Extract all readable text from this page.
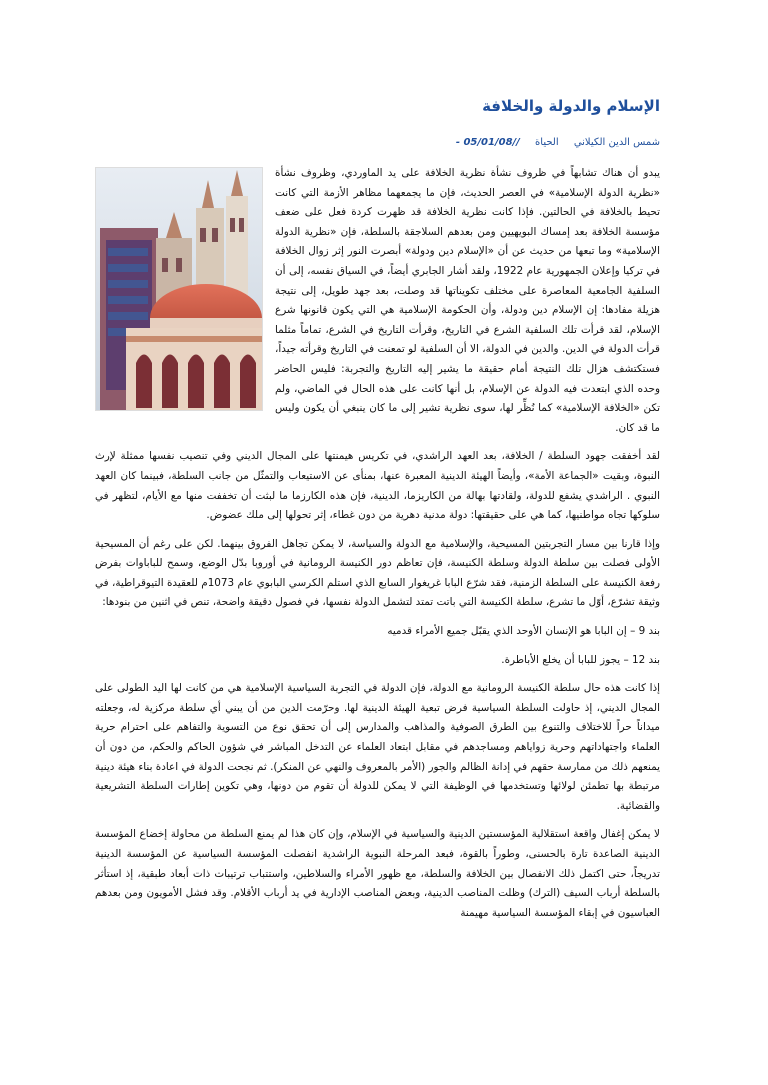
الإسلام والدولة والخلافة
شمس الدين الكيلاني الحياة - 05/01/08//

يبدو أن هناك تشابهاً في ظروف نشأة نظرية الخلافة على يد الماوردي، وظروف نشأة «نظرية الدولة الإسلامية» في العصر الحديث، فإن ما يجمعهما مظاهر الأزمة التي كانت تحيط بالخلافة في الحالتين. فإذا كانت نظرية الخلافة قد ظهرت كردة فعل على ضعف مؤسسة الخلافة بعد إمساك البويهيين ومن بعدهم السلاجقة بالسلطة، فإن «نظرية الدولة الإسلامية» وما تبعها من حديث عن أن «الإسلام دين ودولة» أبصرت النور إثر زوال الخلافة في تركيا وإعلان الجمهورية عام 1922، ولقد أشار الجابري أيضاً، في السياق نفسه، إلى أن السلفية الجامعية المعاصرة على مختلف تكويناتها قد وصلت، بعد جهد طويل، إلى نتيجة هزيلة مفادها: إن الإسلام دين ودولة، وأن الحكومة الإسلامية هي التي يكون قانونها شرع الإسلام، لقد قرأت تلك السلفية الشرع في التاريخ، وقرأت التاريخ في الشرع، تماماً مثلما قرأت الدولة في الدين. والدين في الدولة، الا أن السلفية لو تمعنت في التاريخ وقرأته جيداً، فستكتشف هزال تلك النتيجة أمام حقيقة ما يشير إليه التاريخ والتجربة: فليس الحاضر وحده الذي ابتعدت فيه الدولة عن الإسلام، بل أنها كانت على هذه الحال في الماضي، ولم تكن «الخلافة الإسلامية» كما نُظِّر لها، سوى نظرية تشير إلى ما كان ينبغي أن يكون وليس ما قد كان.

لقد أخفقت جهود السلطة / الخلافة، بعد العهد الراشدي، في تكريس هيمنتها على المجال الديني وفي تنصيب نفسها ممثلة لإرث النبوة، وبقيت «الجماعة الأمة»، وأيضاً الهيئة الدينية المعبرة عنها، بمنأى عن الاستيعاب والتمثّل من جانب السلطة، فبينما كان العهد النبوي . الراشدي يشفع للدولة، ولقادتها بهالة من الكاريزما، الدينية، فإن هذه الكارزما ما لبثت أن تخففت منها مع الأيام، لتظهر في سلوكها تجاه مواطنيها، كما هي على حقيقتها: دولة مدنية دهرية من دون غطاء، إثر تحولها إلى ملك عضوض.

وإذا قارنا بين مسار التجربتين المسيحية، والإسلامية مع الدولة والسياسة، لا يمكن تجاهل الفروق بينهما. لكن على رغم أن المسيحية الأولى فصلت بين سلطة الدولة وسلطة الكنيسة، فإن تعاظم دور الكنيسة الرومانية في أوروبا بدّل الوضع، وسمح للباباوات بفرض رفعة الكنيسة على السلطة الزمنية، فقد شرّع البابا غريغوار السابع الذي استلم الكرسي البابوي عام 1073م للعقيدة التيوقراطية، في وثيقة تشرّع، أوّل ما تشرع، سلطة الكنيسة التي باتت تمتد لتشمل الدولة نفسها، في فصول دقيقة واضحة، تنص في اثنين من بنودها:

بند 9 – إن البابا هو الإنسان الأوحد الذي يقبّل جميع الأمراء قدميه

بند 12 – يجوز للبابا أن يخلع الأباطرة.

إذا كانت هذه حال سلطة الكنيسة الرومانية مع الدولة، فإن الدولة في التجربة السياسية الإسلامية هي من كانت لها اليد الطولى على المجال الديني، إذ حاولت السلطة السياسية فرض تبعية الهيئة الدينية لها. وحرّمت الدين من أن يبني أي سلطة مركزية له، وجعلته ميداناً حراً للاختلاف والتنوع بين الطرق الصوفية والمذاهب والمدارس إلى أن تحقق نوع من التسوية والتفاهم على احترام حرية العلماء واجتهاداتهم وحرية زواياهم ومساجدهم في مقابل ابتعاد العلماء عن التدخل المباشر في شؤون الحاكم والحكم، من دون أن يمنعهم ذلك من ممارسة حقهم في إدانة الظالم والجور (الأمر بالمعروف والنهي عن المنكر). ثم نجحت الدولة في اعادة بناء هيئة دينية مرتبطة بها تطمئن لولائها وتستخدمها في الوظيفة التي لا يمكن للدولة أن تقوم من دونها، وهي تكوين إطارات السلطة التشريعية والقضائية.

لا يمكن إغفال واقعة استقلالية المؤسستين الدينية والسياسية في الإسلام، وإن كان هذا لم يمنع السلطة من محاولة إخضاع المؤسسة الدينية الصاعدة تارة بالحسنى، وطوراً بالقوة، فبعد المرحلة النبوية الراشدية انفصلت المؤسسة السياسية عن المؤسسة الدينية تدريجاً، حتى اكتمل ذلك الانفصال بين الخلافة والسلطة، مع ظهور الأمراء والسلاطين، واستتباب ترتيبات ذات أبعاد طبقية، إذ استأثر بالسلطة أرباب السيف (الترك) وظلت المناصب الدينية، وبعض المناصب الإدارية في يد أرباب الأقلام. وقد فشل الأمويون ومن بعدهم العباسيون في إبقاء المؤسسة السياسية مهيمنة
